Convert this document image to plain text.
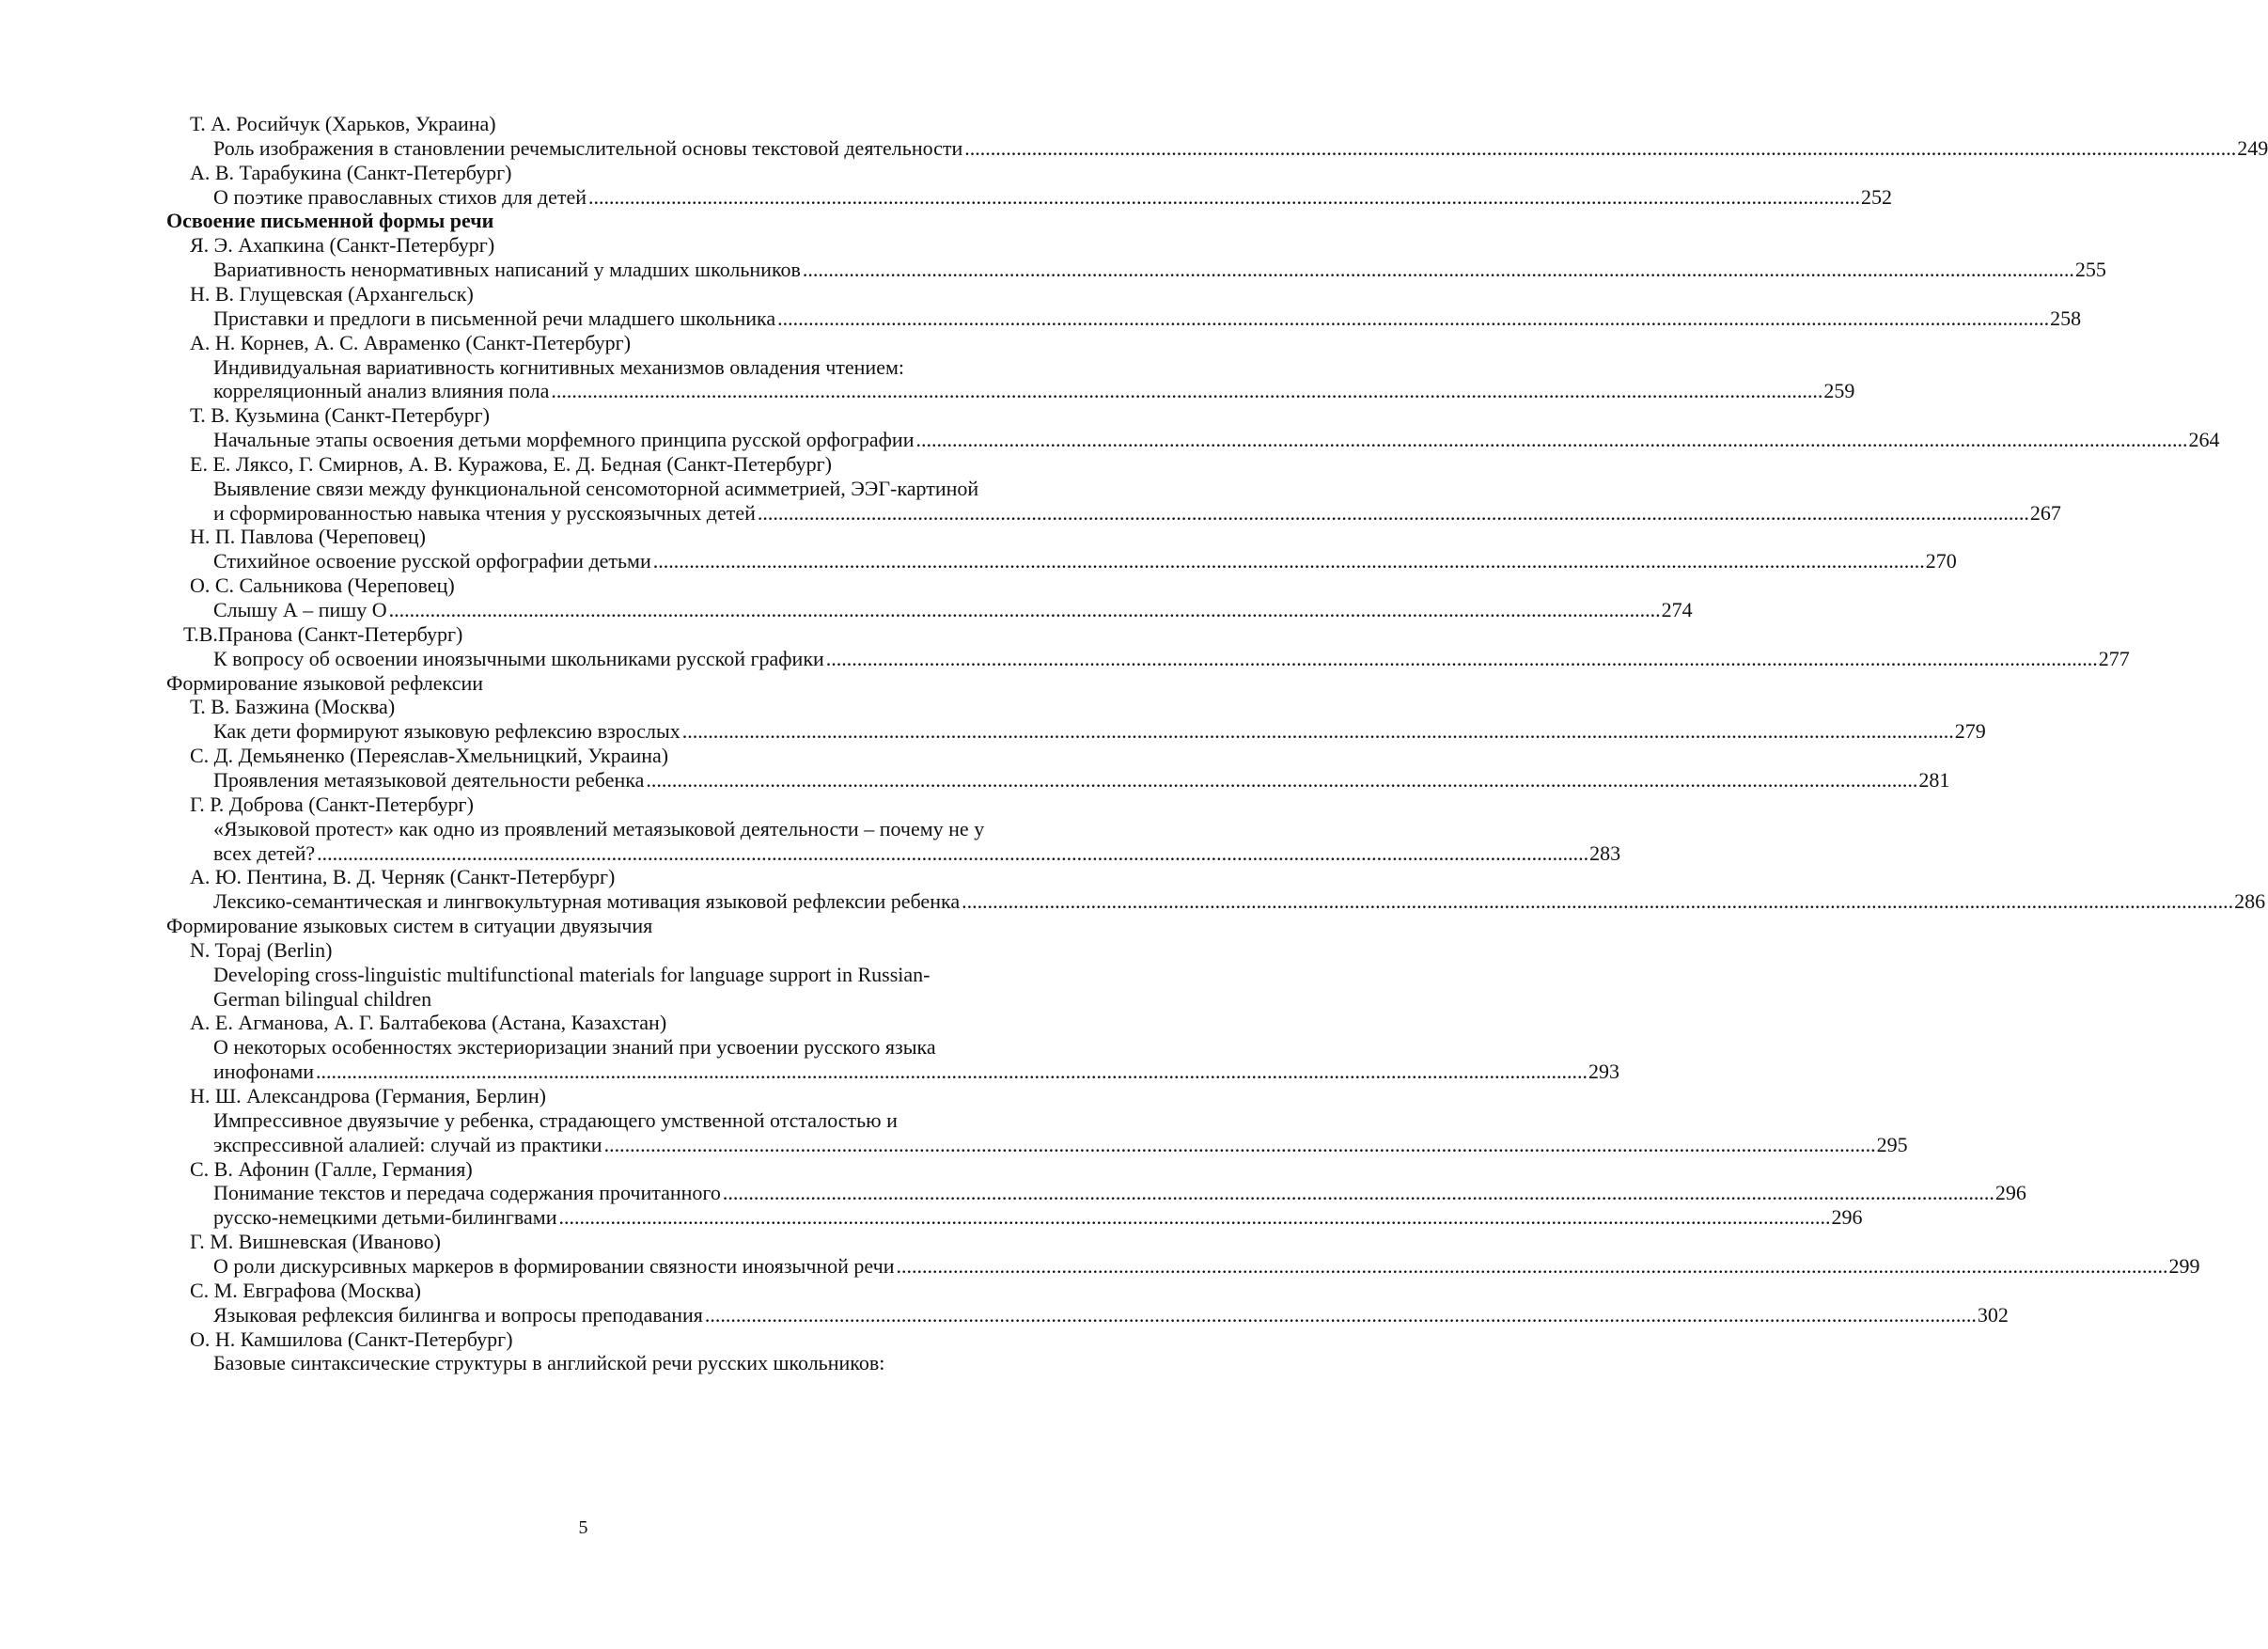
Т. А. Росийчук (Харьков, Украина)
Роль изображения в становлении речемыслительной основы текстовой деятельности .....	249
А. В. Тарабукина (Санкт-Петербург)
О поэтике православных стихов для детей .....	252
Освоение письменной формы речи
Я. Э. Ахапкина (Санкт-Петербург)
Вариативность ненормативных написаний у младших школьников .....	255
Н. В. Глущевская (Архангельск)
Приставки и предлоги в письменной речи младшего школьника .....	258
А. Н. Корнев, А. С. Авраменко (Санкт-Петербург)
Индивидуальная вариативность когнитивных механизмов овладения чтением:
корреляционный анализ влияния пола .....	259
Т. В. Кузьмина (Санкт-Петербург)
Начальные этапы освоения детьми морфемного принципа русской орфографии .....	264
Е. Е. Ляксо, Г. Смирнов, А. В. Куражова, Е. Д. Бедная (Санкт-Петербург)
Выявление связи между функциональной сенсомоторной асимметрией, ЭЭГ-картиной
и сформированностью навыка чтения у русскоязычных детей .....	267
Н. П. Павлова (Череповец)
Стихийное освоение русской орфографии детьми .....	270
О. С. Сальникова (Череповец)
Слышу А – пишу О .....	274
Т.В.Пранова (Санкт-Петербург)
К вопросу об освоении иноязычными школьниками русской графики .....	277
Формирование языковой рефлексии
Т. В. Базжина (Москва)
Как дети формируют языковую рефлексию взрослых .....	279
С. Д. Демьяненко (Переяслав-Хмельницкий, Украина)
Проявления метаязыковой деятельности ребенка .....	281
Г. Р. Доброва (Санкт-Петербург)
«Языковой протест» как одно из проявлений метаязыковой деятельности – почему не у
всех детей? .....	283
А. Ю. Пентина, В. Д. Черняк (Санкт-Петербург)
Лексико-семантическая и лингвокультурная мотивация языковой рефлексии ребенка .....	286
Формирование языковых систем в ситуации двуязычия
N. Topaj (Berlin)
Developing cross-linguistic multifunctional materials for language support in Russian-
German bilingual children
А. Е. Агманова, А. Г. Балтабекова (Астана, Казахстан)
О некоторых особенностях экстериоризации знаний при усвоении русского языка
инофонами .....	293
Н. Ш. Александрова (Германия, Берлин)
Импрессивное двуязычие у ребенка, страдающего умственной отсталостью и
экспрессивной алалией: случай из практики .....	295
С. В. Афонин (Галле, Германия)
Понимание текстов и передача содержания прочитанного .....	296
русско-немецкими детьми-билингвами .....	296
Г. М. Вишневская (Иваново)
О роли дискурсивных маркеров в формировании связности иноязычной речи .....	299
С. М. Евграфова (Москва)
Языковая рефлексия билингва и вопросы преподавания .....	302
О. Н. Камшилова (Санкт-Петербург)
Базовые синтаксические структуры в английской речи русских школьников:
5
